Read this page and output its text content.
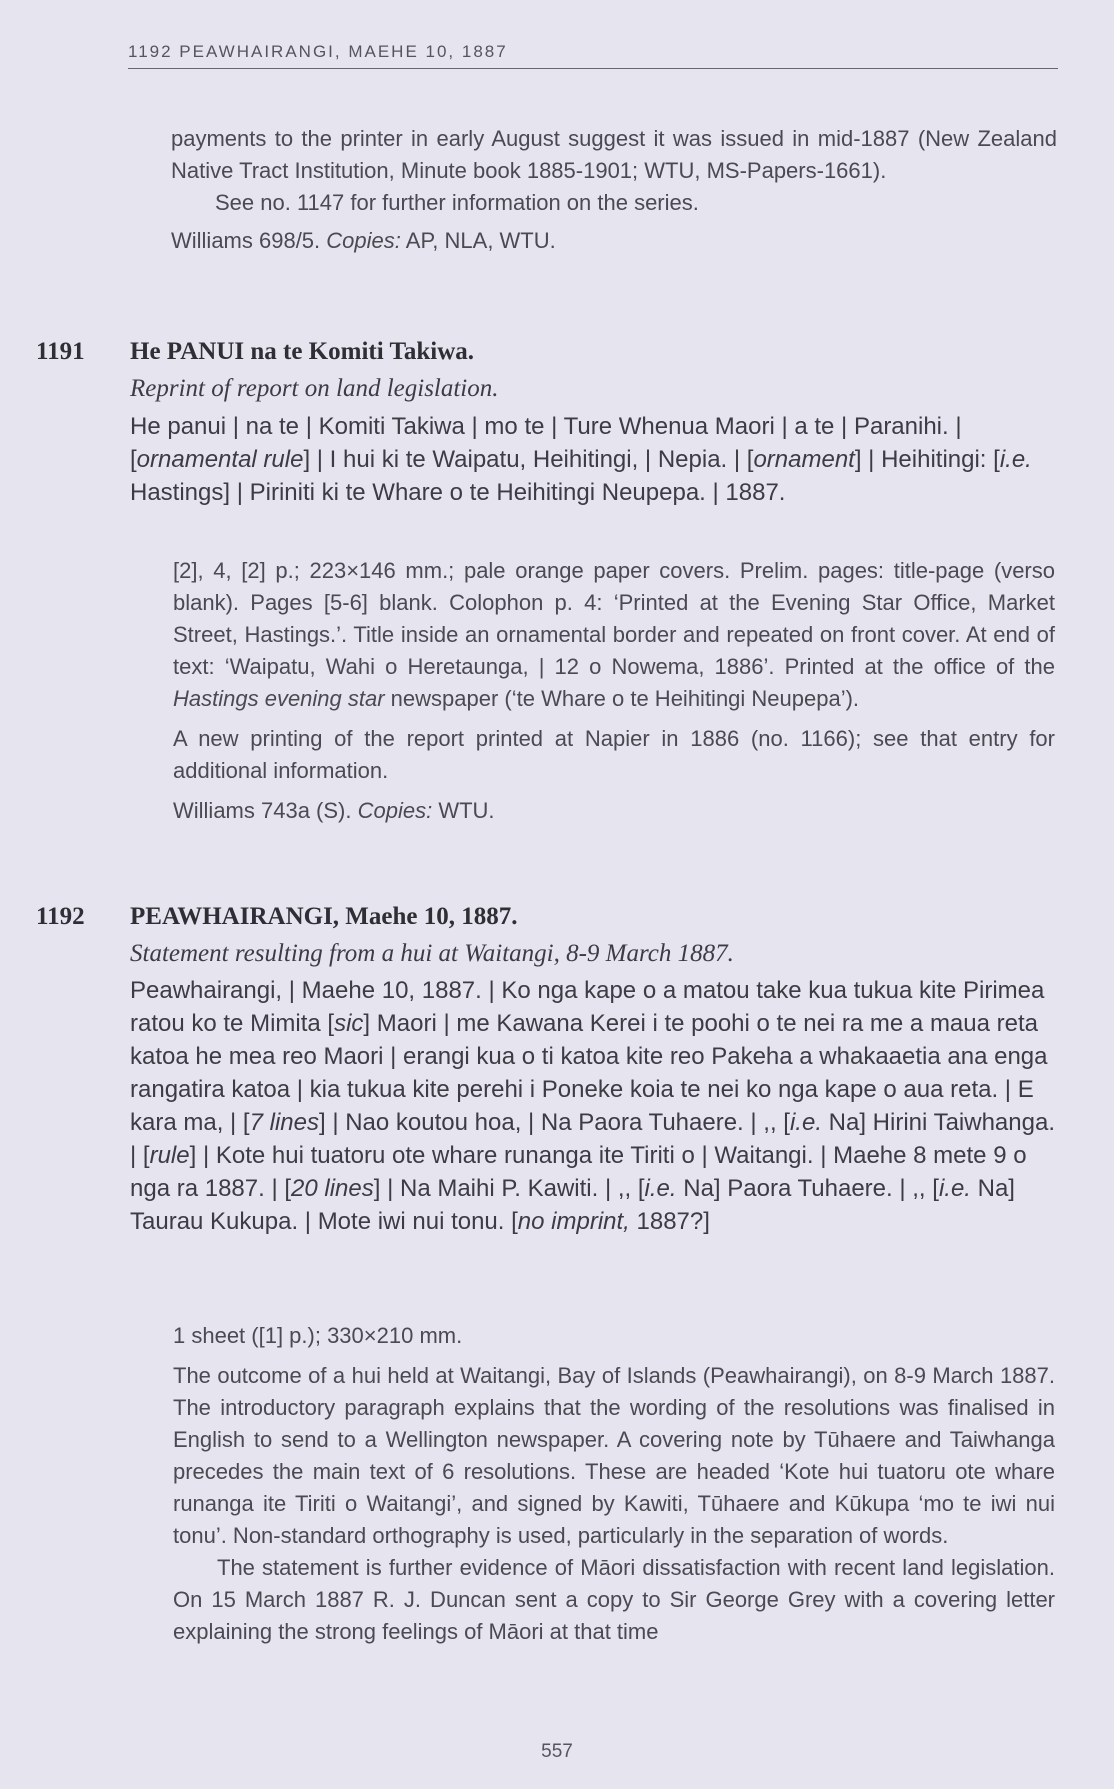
1192 PEAWHAIRANGI, MAEHE 10, 1887
payments to the printer in early August suggest it was issued in mid-1887 (New Zealand Native Tract Institution, Minute book 1885-1901; WTU, MS-Papers-1661).
See no. 1147 for further information on the series.
Williams 698/5. Copies: AP, NLA, WTU.
1191 He PANUI na te Komiti Takiwa.
Reprint of report on land legislation.
He panui | na te | Komiti Takiwa | mo te | Ture Whenua Maori | a te | Paranihi. | [ornamental rule] | I hui ki te Waipatu, Heihitingi, | Nepia. | [ornament] | Heihitingi: [i.e. Hastings] | Piriniti ki te Whare o te Heihitingi Neupepa. | 1887.

[2], 4, [2] p.; 223×146 mm.; pale orange paper covers. Prelim. pages: title-page (verso blank). Pages [5-6] blank. Colophon p. 4: ‘Printed at the Evening Star Office, Market Street, Hastings.’. Title inside an ornamental border and repeated on front cover. At end of text: ‘Waipatu, Wahi o Heretaunga, | 12 o Nowema, 1886’. Printed at the office of the Hastings evening star newspaper (‘te Whare o te Heihitingi Neupepa’).

A new printing of the report printed at Napier in 1886 (no. 1166); see that entry for additional information.

Williams 743a (S). Copies: WTU.

1192 PEAWHAIRANGI, Maehe 10, 1887.
Statement resulting from a hui at Waitangi, 8-9 March 1887.
Peawhairangi, | Maehe 10, 1887. | Ko nga kape o a matou take kua tukua kite Pirimea ratou ko te Mimita [sic] Maori | me Kawana Kerei i te poohi o te nei ra me a maua reta katoa he mea reo Maori | erangi kua o ti katoa kite reo Pakeha a whakaaetia ana enga rangatira katoa | kia tukua kite perehi i Poneke koia te nei ko nga kape o aua reta. | E kara ma, | [7 lines] | Nao koutou hoa, | Na Paora Tuhaere. | ,, [i.e. Na] Hirini Taiwhanga. | [rule] | Kote hui tuatoru ote whare runanga ite Tiriti o | Waitangi. | Maehe 8 mete 9 o nga ra 1887. | [20 lines] | Na Maihi P. Kawiti. | ,, [i.e. Na] Paora Tuhaere. | ,, [i.e. Na] Taurau Kukupa. | Mote iwi nui tonu. [no imprint, 1887?]

1 sheet ([1] p.); 330×210 mm.

The outcome of a hui held at Waitangi, Bay of Islands (Peawhairangi), on 8-9 March 1887. The introductory paragraph explains that the wording of the resolutions was finalised in English to send to a Wellington newspaper. A covering note by Tūhaere and Taiwhanga precedes the main text of 6 resolutions. These are headed ‘Kote hui tuatoru ote whare runanga ite Tiriti o Waitangi’, and signed by Kawiti, Tūhaere and Kūkupa ‘mo te iwi nui tonu’. Non-standard orthography is used, particularly in the separation of words.

The statement is further evidence of Māori dissatisfaction with recent land legislation. On 15 March 1887 R. J. Duncan sent a copy to Sir George Grey with a covering letter explaining the strong feelings of Māori at that time

557
